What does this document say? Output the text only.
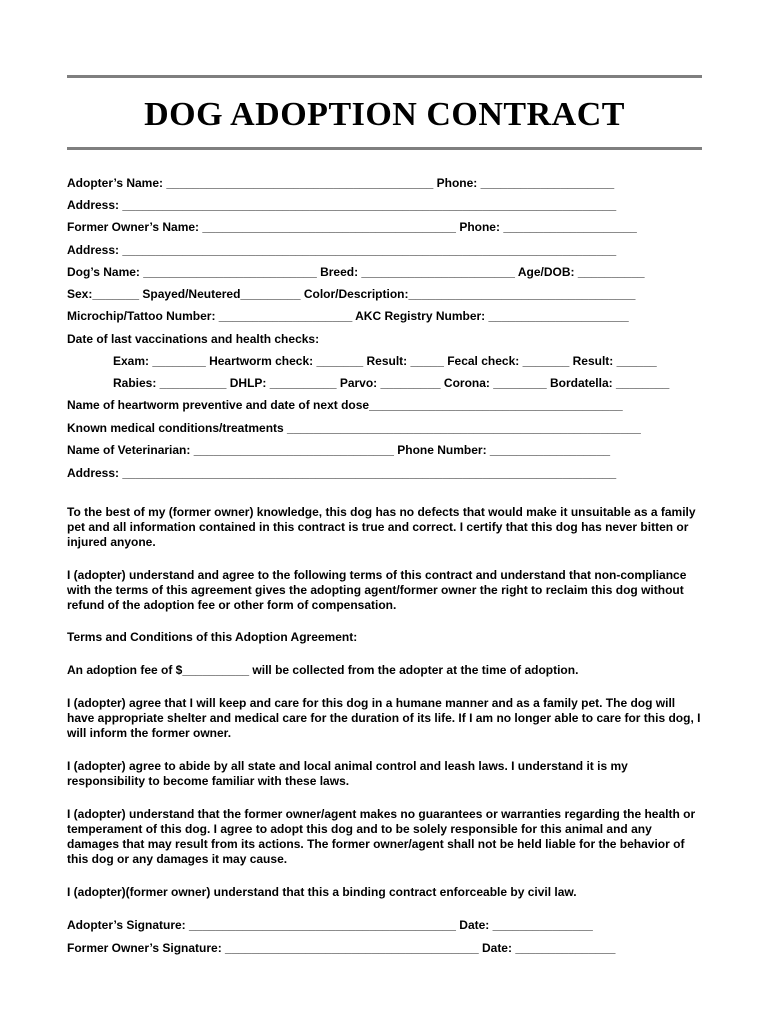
DOG ADOPTION CONTRACT
Adopter’s Name: ________________________________________ Phone: ____________________
Address: __________________________________________________________________________
Former Owner’s Name: ______________________________________ Phone: ____________________
Address: __________________________________________________________________________
Dog’s Name: __________________________ Breed: _______________________ Age/DOB: __________
Sex:_______ Spayed/Neutered_________ Color/Description:__________________________________
Microchip/Tattoo Number: ____________________ AKC Registry Number: _____________________
Date of last vaccinations and health checks:
Exam: ________ Heartworm check: _______ Result: _____ Fecal check: _______ Result: ______
Rabies: __________ DHLP: __________ Parvo: _________ Corona: ________ Bordatella: ________
Name of heartworm preventive and date of next dose______________________________________
Known medical conditions/treatments _____________________________________________________
Name of Veterinarian: ______________________________ Phone Number: __________________
Address: __________________________________________________________________________
To the best of my (former owner) knowledge, this dog has no defects that would make it unsuitable as a family pet and all information contained in this contract is true and correct. I certify that this dog has never bitten or injured anyone.
I (adopter) understand and agree to the following terms of this contract and understand that non-compliance with the terms of this agreement gives the adopting agent/former owner the right to reclaim this dog without refund of the adoption fee or other form of compensation.
Terms and Conditions of this Adoption Agreement:
An adoption fee of $__________ will be collected from the adopter at the time of adoption.
I (adopter) agree that I will keep and care for this dog in a humane manner and as a family pet. The dog will have appropriate shelter and medical care for the duration of its life. If I am no longer able to care for this dog, I will inform the former owner.
I (adopter) agree to abide by all state and local animal control and leash laws. I understand it is my responsibility to become familiar with these laws.
I (adopter) understand that the former owner/agent makes no guarantees or warranties regarding the health or temperament of this dog. I agree to adopt this dog and to be solely responsible for this animal and any damages that may result from its actions. The former owner/agent shall not be held liable for the behavior of this dog or any damages it may cause.
I (adopter)(former owner) understand that this a binding contract enforceable by civil law.
Adopter’s Signature: ________________________________________ Date: _______________
Former Owner’s Signature: ______________________________________ Date: _______________
